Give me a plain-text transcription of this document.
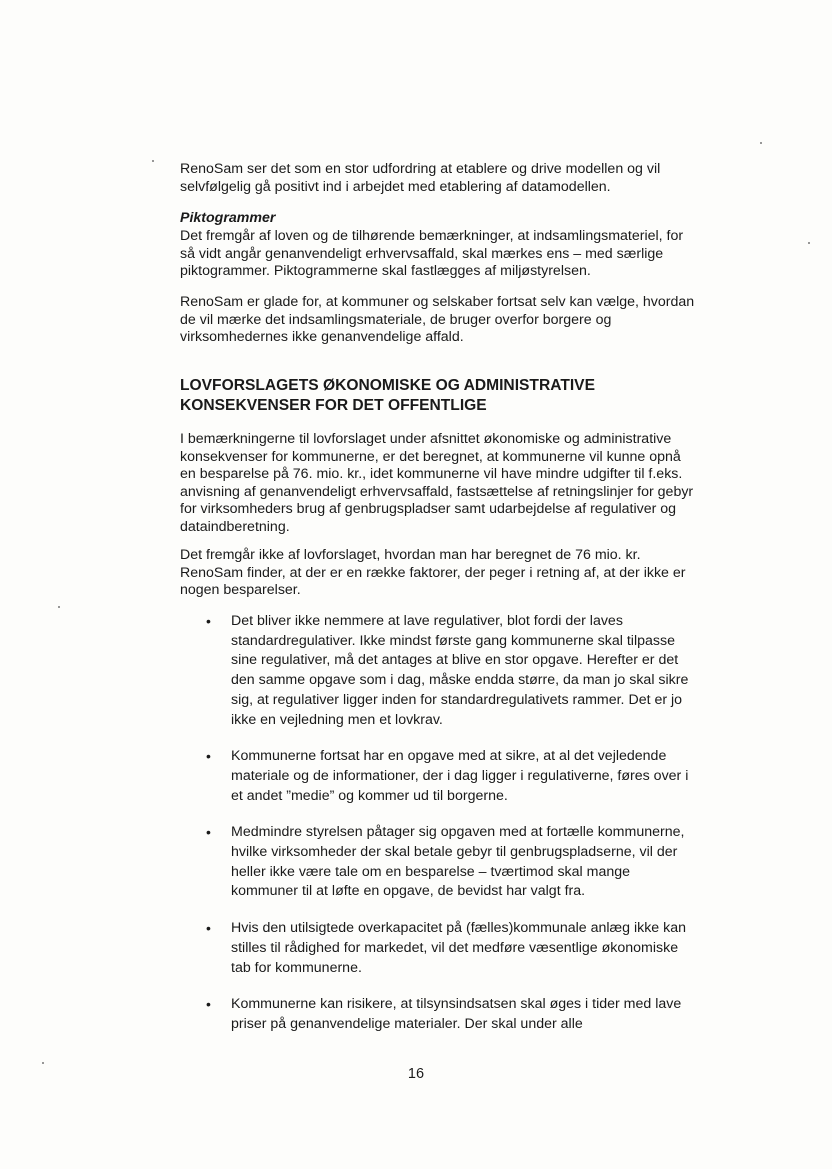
RenoSam ser det som en stor udfordring at etablere og drive modellen og vil selvfølgelig gå positivt ind i arbejdet med etablering af datamodellen.

Piktogrammer

Det fremgår af loven og de tilhørende bemærkninger, at indsamlingsmateriel, for så vidt angår genanvendeligt erhvervsaffald, skal mærkes ens – med særlige piktogrammer. Piktogrammerne skal fastlægges af miljøstyrelsen.

RenoSam er glade for, at kommuner og selskaber fortsat selv kan vælge, hvordan de vil mærke det indsamlingsmateriale, de bruger overfor borgere og virksomhedernes ikke genanvendelige affald.

LOVFORSLAGETS ØKONOMISKE OG ADMINISTRATIVE KONSEKVENSER FOR DET OFFENTLIGE

I bemærkningerne til lovforslaget under afsnittet økonomiske og administrative konsekvenser for kommunerne, er det beregnet, at kommunerne vil kunne opnå en besparelse på 76. mio. kr., idet kommunerne vil have mindre udgifter til f.eks. anvisning af genanvendeligt erhvervsaffald, fastsættelse af retningslinjer for gebyr for virksomheders brug af genbrugspladser samt udarbejdelse af regulativer og dataindberetning.

Det fremgår ikke af lovforslaget, hvordan man har beregnet de 76 mio. kr. RenoSam finder, at der er en række faktorer, der peger i retning af, at der ikke er nogen besparelser.

• Det bliver ikke nemmere at lave regulativer, blot fordi der laves standardregulativer. Ikke mindst første gang kommunerne skal tilpasse sine regulativer, må det antages at blive en stor opgave. Herefter er det den samme opgave som i dag, måske endda større, da man jo skal sikre sig, at regulativer ligger inden for standardregulativets rammer. Det er jo ikke en vejledning men et lovkrav.
• Kommunerne fortsat har en opgave med at sikre, at al det vejledende materiale og de informationer, der i dag ligger i regulativerne, føres over i et andet ”medie” og kommer ud til borgerne.
• Medmindre styrelsen påtager sig opgaven med at fortælle kommunerne, hvilke virksomheder der skal betale gebyr til genbrugspladserne, vil der heller ikke være tale om en besparelse – tværtimod skal mange kommuner til at løfte en opgave, de bevidst har valgt fra.
• Hvis den utilsigtede overkapacitet på (fælles)kommunale anlæg ikke kan stilles til rådighed for markedet, vil det medføre væsentlige økonomiske tab for kommunerne.
• Kommunerne kan risikere, at tilsynsindsatsen skal øges i tider med lave priser på genanvendelige materialer. Der skal under alle
16
